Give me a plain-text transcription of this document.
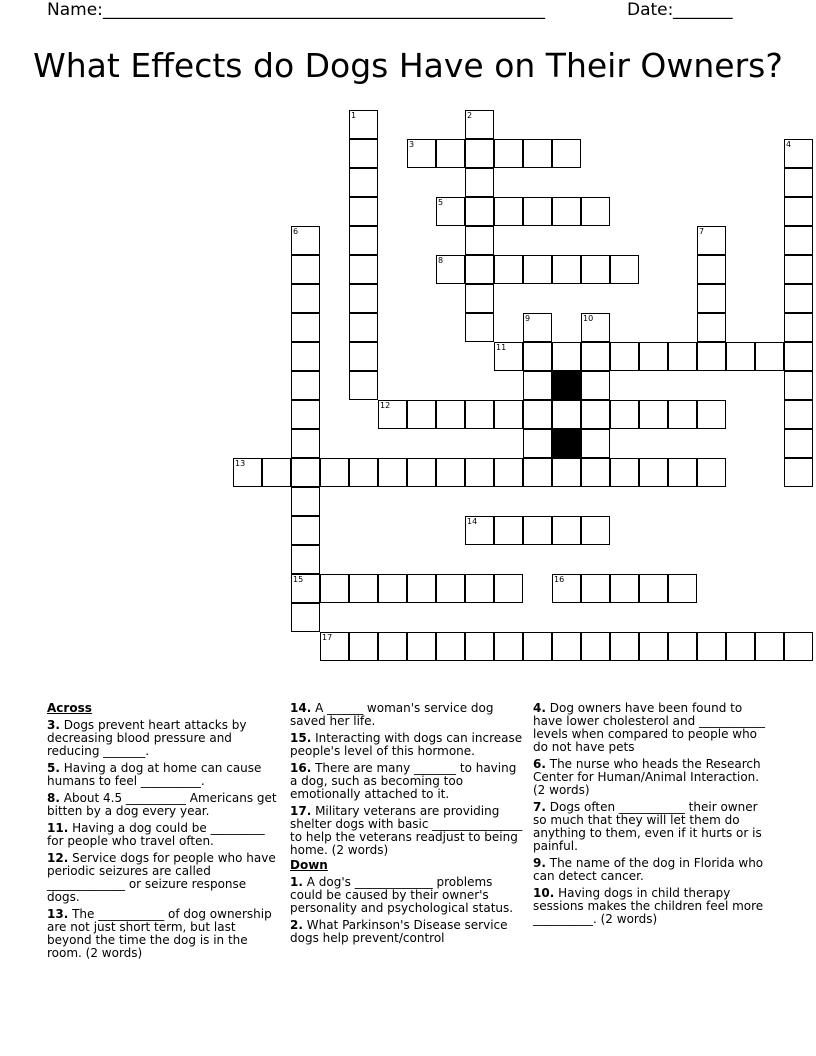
Name: ____________________________________________________	Date: _______
What Effects do Dogs Have on Their Owners?
1	2
3	4
5
6	7
8
9	10
11
12
13
14
15	16
17
Across
3. Dogs prevent heart attacks by decreasing blood pressure and reducing _______.
5. Having a dog at home can cause humans to feel __________.
8. About 4.5 __________ Americans get bitten by a dog every year.
11. Having a dog could be _________ for people who travel often.
12. Service dogs for people who have periodic seizures are called _____________ or seizure response dogs.
13. The ___________ of dog ownership are not just short term, but last beyond the time the dog is in the room. (2 words)
14. A ______ woman's service dog saved her life.
15. Interacting with dogs can increase people's level of this hormone.
16. There are many _______ to having a dog, such as becoming too emotionally attached to it.
17. Military veterans are providing shelter dogs with basic _______________ to help the veterans readjust to being home. (2 words)
Down
1. A dog's _____________ problems could be caused by their owner's personality and psychological status.
2. What Parkinson's Disease service dogs help prevent/control
4. Dog owners have been found to have lower cholesterol and ___________ levels when compared to people who do not have pets
6. The nurse who heads the Research Center for Human/Animal Interaction. (2 words)
7. Dogs often ___________ their owner so much that they will let them do anything to them, even if it hurts or is painful.
9. The name of the dog in Florida who can detect cancer.
10. Having dogs in child therapy sessions makes the children feel more __________. (2 words)
